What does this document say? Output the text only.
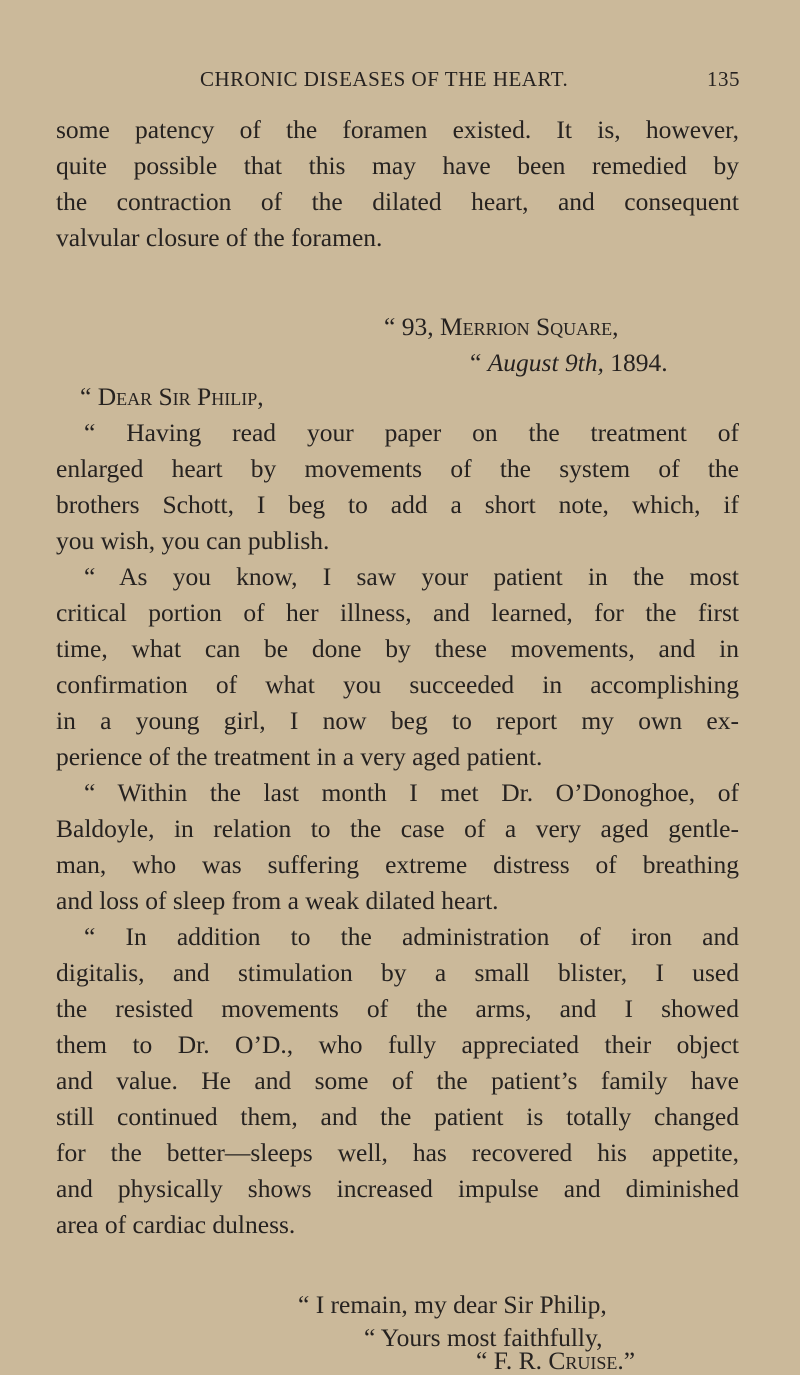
CHRONIC DISEASES OF THE HEART.	135
some patency of the foramen existed. It is, however,
quite possible that this may have been remedied by
the contraction of the dilated heart, and consequent
valvular closure of the foramen.
“ 93, Merrion Square,
“ August 9th, 1894.
“ Dear Sir Philip,
“ Having read your paper on the treatment of
enlarged heart by movements of the system of the
brothers Schott, I beg to add a short note, which, if
you wish, you can publish.
“ As you know, I saw your patient in the most
critical portion of her illness, and learned, for the first
time, what can be done by these movements, and in
confirmation of what you succeeded in accomplishing
in a young girl, I now beg to report my own ex-
perience of the treatment in a very aged patient.
“ Within the last month I met Dr. O’Donoghoe, of
Baldoyle, in relation to the case of a very aged gentle-
man, who was suffering extreme distress of breathing
and loss of sleep from a weak dilated heart.
“ In addition to the administration of iron and
digitalis, and stimulation by a small blister, I used
the resisted movements of the arms, and I showed
them to Dr. O’D., who fully appreciated their object
and value. He and some of the patient’s family have
still continued them, and the patient is totally changed
for the better—sleeps well, has recovered his appetite,
and physically shows increased impulse and diminished
area of cardiac dulness.
“ I remain, my dear Sir Philip,
“ Yours most faithfully,
“ F. R. Cruise.”
